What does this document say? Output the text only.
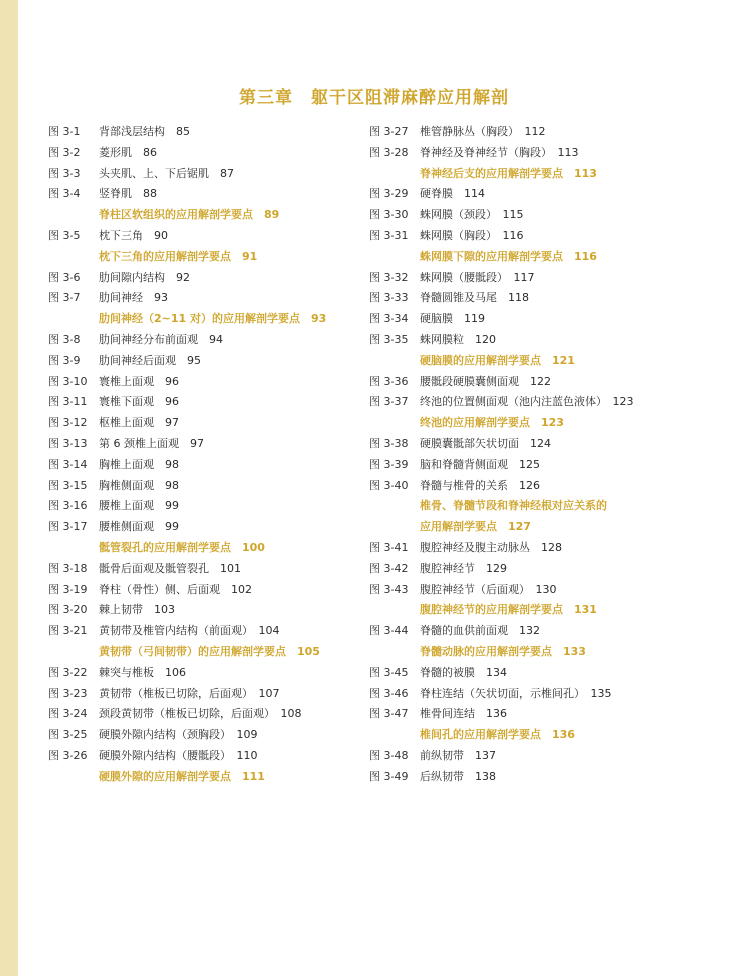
第三章　躯干区阻滞麻醉应用解剖
图 3-1 背部浅层结构　85
图 3-2 菱形肌　86
图 3-3 头夹肌、上、下后锯肌　87
图 3-4 竖脊肌　88
脊柱区软组织的应用解剖学要点　89
图 3-5 枕下三角　90
枕下三角的应用解剖学要点　91
图 3-6 肋间隙内结构　92
图 3-7 肋间神经　93
肋间神经（2~11 对）的应用解剖学要点　93
图 3-8 肋间神经分布前面观　94
图 3-9 肋间神经后面观　95
图 3-10 寰椎上面观　96
图 3-11 寰椎下面观　96
图 3-12 枢椎上面观　97
图 3-13 第 6 颈椎上面观　97
图 3-14 胸椎上面观　98
图 3-15 胸椎侧面观　98
图 3-16 腰椎上面观　99
图 3-17 腰椎侧面观　99
骶管裂孔的应用解剖学要点　100
图 3-18 骶骨后面观及骶管裂孔　101
图 3-19 脊柱（骨性）侧、后面观　102
图 3-20 棘上韧带　103
图 3-21 黄韧带及椎管内结构（前面观）　104
黄韧带（弓间韧带）的应用解剖学要点　105
图 3-22 棘突与椎板　106
图 3-23 黄韧带（椎板已切除，后面观）　107
图 3-24 颈段黄韧带（椎板已切除，后面观）　108
图 3-25 硬膜外隙内结构（颈胸段）　109
图 3-26 硬膜外隙内结构（腰骶段）　110
硬膜外隙的应用解剖学要点　111
图 3-27 椎管静脉丛（胸段）　112
图 3-28 脊神经及脊神经节（胸段）　113
脊神经后支的应用解剖学要点　113
图 3-29 硬脊膜　114
图 3-30 蛛网膜（颈段）　115
图 3-31 蛛网膜（胸段）　116
蛛网膜下隙的应用解剖学要点　116
图 3-32 蛛网膜（腰骶段）　117
图 3-33 脊髓圆锥及马尾　118
图 3-34 硬脑膜　119
图 3-35 蛛网膜粒　120
硬脑膜的应用解剖学要点　121
图 3-36 腰骶段硬膜囊侧面观　122
图 3-37 终池的位置侧面观（池内注蓝色液体）　123
终池的应用解剖学要点　123
图 3-38 硬膜囊骶部矢状切面　124
图 3-39 脑和脊髓背侧面观　125
图 3-40 脊髓与椎骨的关系　126
椎骨、脊髓节段和脊神经根对应关系的
应用解剖学要点　127
图 3-41 腹腔神经及腹主动脉丛　128
图 3-42 腹腔神经节　129
图 3-43 腹腔神经节（后面观）　130
腹腔神经节的应用解剖学要点　131
图 3-44 脊髓的血供前面观　132
脊髓动脉的应用解剖学要点　133
图 3-45 脊髓的被膜　134
图 3-46 脊柱连结（矢状切面，示椎间孔）　135
图 3-47 椎骨间连结　136
椎间孔的应用解剖学要点　136
图 3-48 前纵韧带　137
图 3-49 后纵韧带　138
